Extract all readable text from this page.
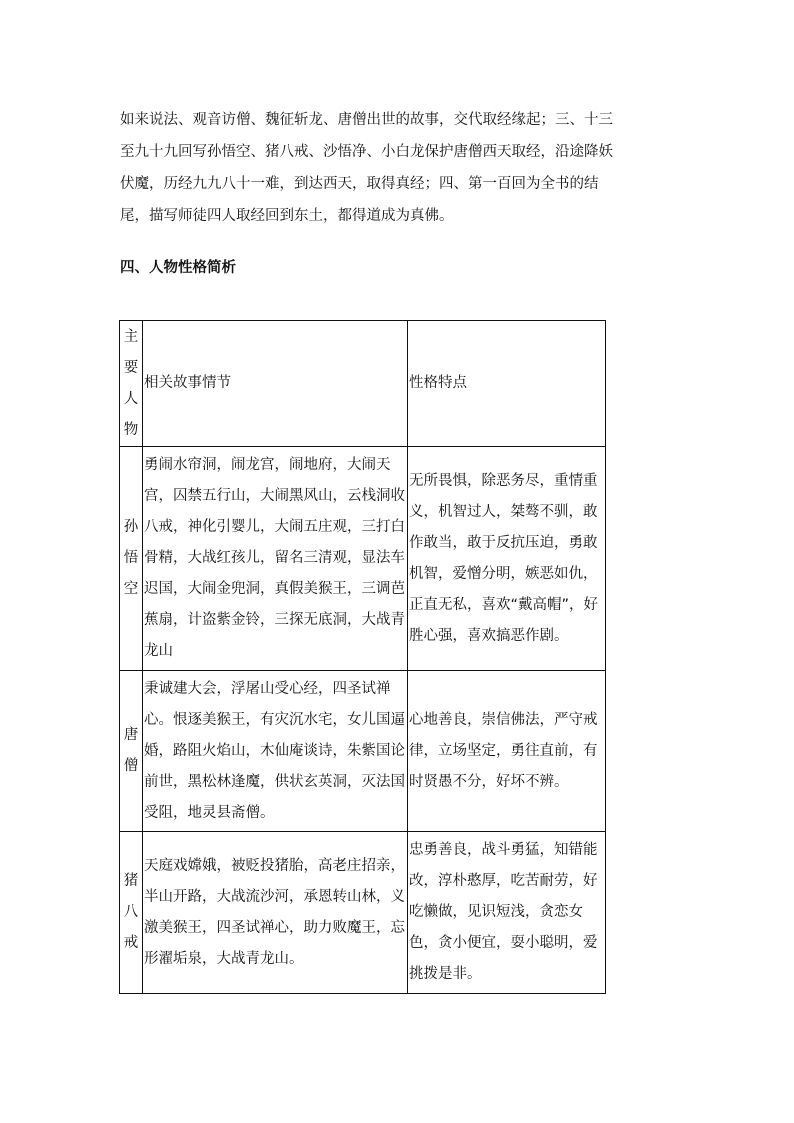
如来说法、观音访僧、魏征斩龙、唐僧出世的故事，交代取经缘起；三、十三至九十九回写孙悟空、猪八戒、沙悟净、小白龙保护唐僧西天取经，沿途降妖伏魔，历经九九八十一难，到达西天，取得真经；四、第一百回为全书的结尾，描写师徒四人取经回到东土，都得道成为真佛。

四、人物性格简析
主要人物	相关故事情节	性格特点
孙悟空	勇闹水帘洞，闹龙宫，闹地府，大闹天宫，囚禁五行山，大闹黑风山，云栈洞收八戒，神化引婴儿，大闹五庄观，三打白骨精，大战红孩儿，留名三清观，显法车迟国，大闹金兜洞，真假美猴王，三调芭蕉扇，计盗紫金铃，三探无底洞，大战青龙山	无所畏惧，除恶务尽，重情重义，机智过人，桀骜不驯，敢作敢当，敢于反抗压迫，勇敢机智，爱憎分明，嫉恶如仇，正直无私，喜欢“戴高帽”，好胜心强，喜欢搞恶作剧。
唐僧	秉诚建大会，浮屠山受心经，四圣试禅心。恨逐美猴王，有灾沉水宅，女儿国逼婚，路阻火焰山，木仙庵谈诗，朱紫国论前世，黑松林逢魔，供状玄英洞，灭法国受阻，地灵县斋僧。	心地善良，崇信佛法，严守戒律，立场坚定，勇往直前，有时贤愚不分，好坏不辨。
猪八戒	天庭戏嫦娥，被贬投猪胎，高老庄招亲，半山开路，大战流沙河，承恩转山林，义激美猴王，四圣试禅心，助力败魔王，忘形濯垢泉，大战青龙山。	忠勇善良，战斗勇猛，知错能改，淳朴憨厚，吃苦耐劳，好吃懒做，见识短浅，贪恋女色，贪小便宜，耍小聪明，爱挑拨是非。
